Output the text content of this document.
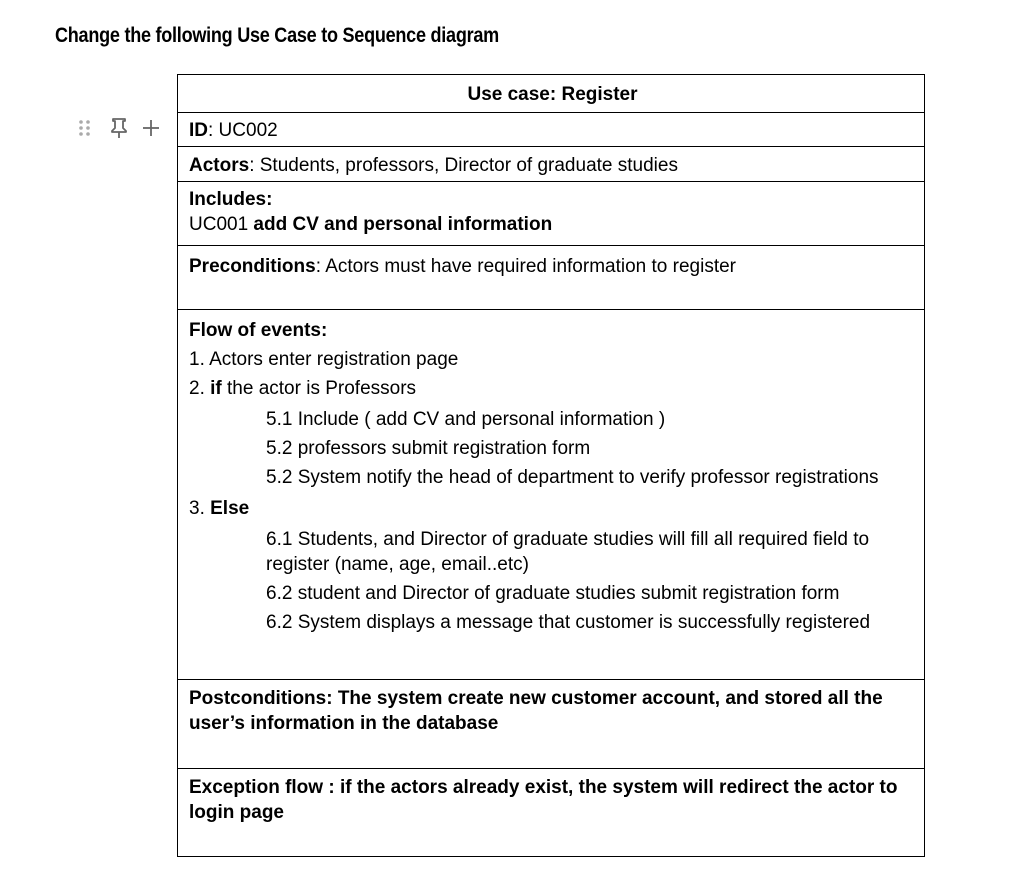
Change the following Use Case to Sequence diagram
Use case: Register
ID: UC002
Actors: Students, professors, Director of graduate studies
Includes:
UC001 add CV and personal information
Preconditions: Actors must have required information to register
Flow of events:
1. Actors enter registration page
2. if the actor is Professors
5.1 Include ( add CV and personal information )
5.2 professors submit registration form
5.2 System notify the head of department to verify professor registrations
3. Else
6.1 Students, and Director of graduate studies will fill all required field to register (name, age, email..etc)
6.2 student and Director of graduate studies submit registration form
6.2 System displays a message that customer is successfully registered
Postconditions: The system create new customer account, and stored all the user’s information in the database
Exception flow : if the actors already exist, the system will redirect the actor to login page
